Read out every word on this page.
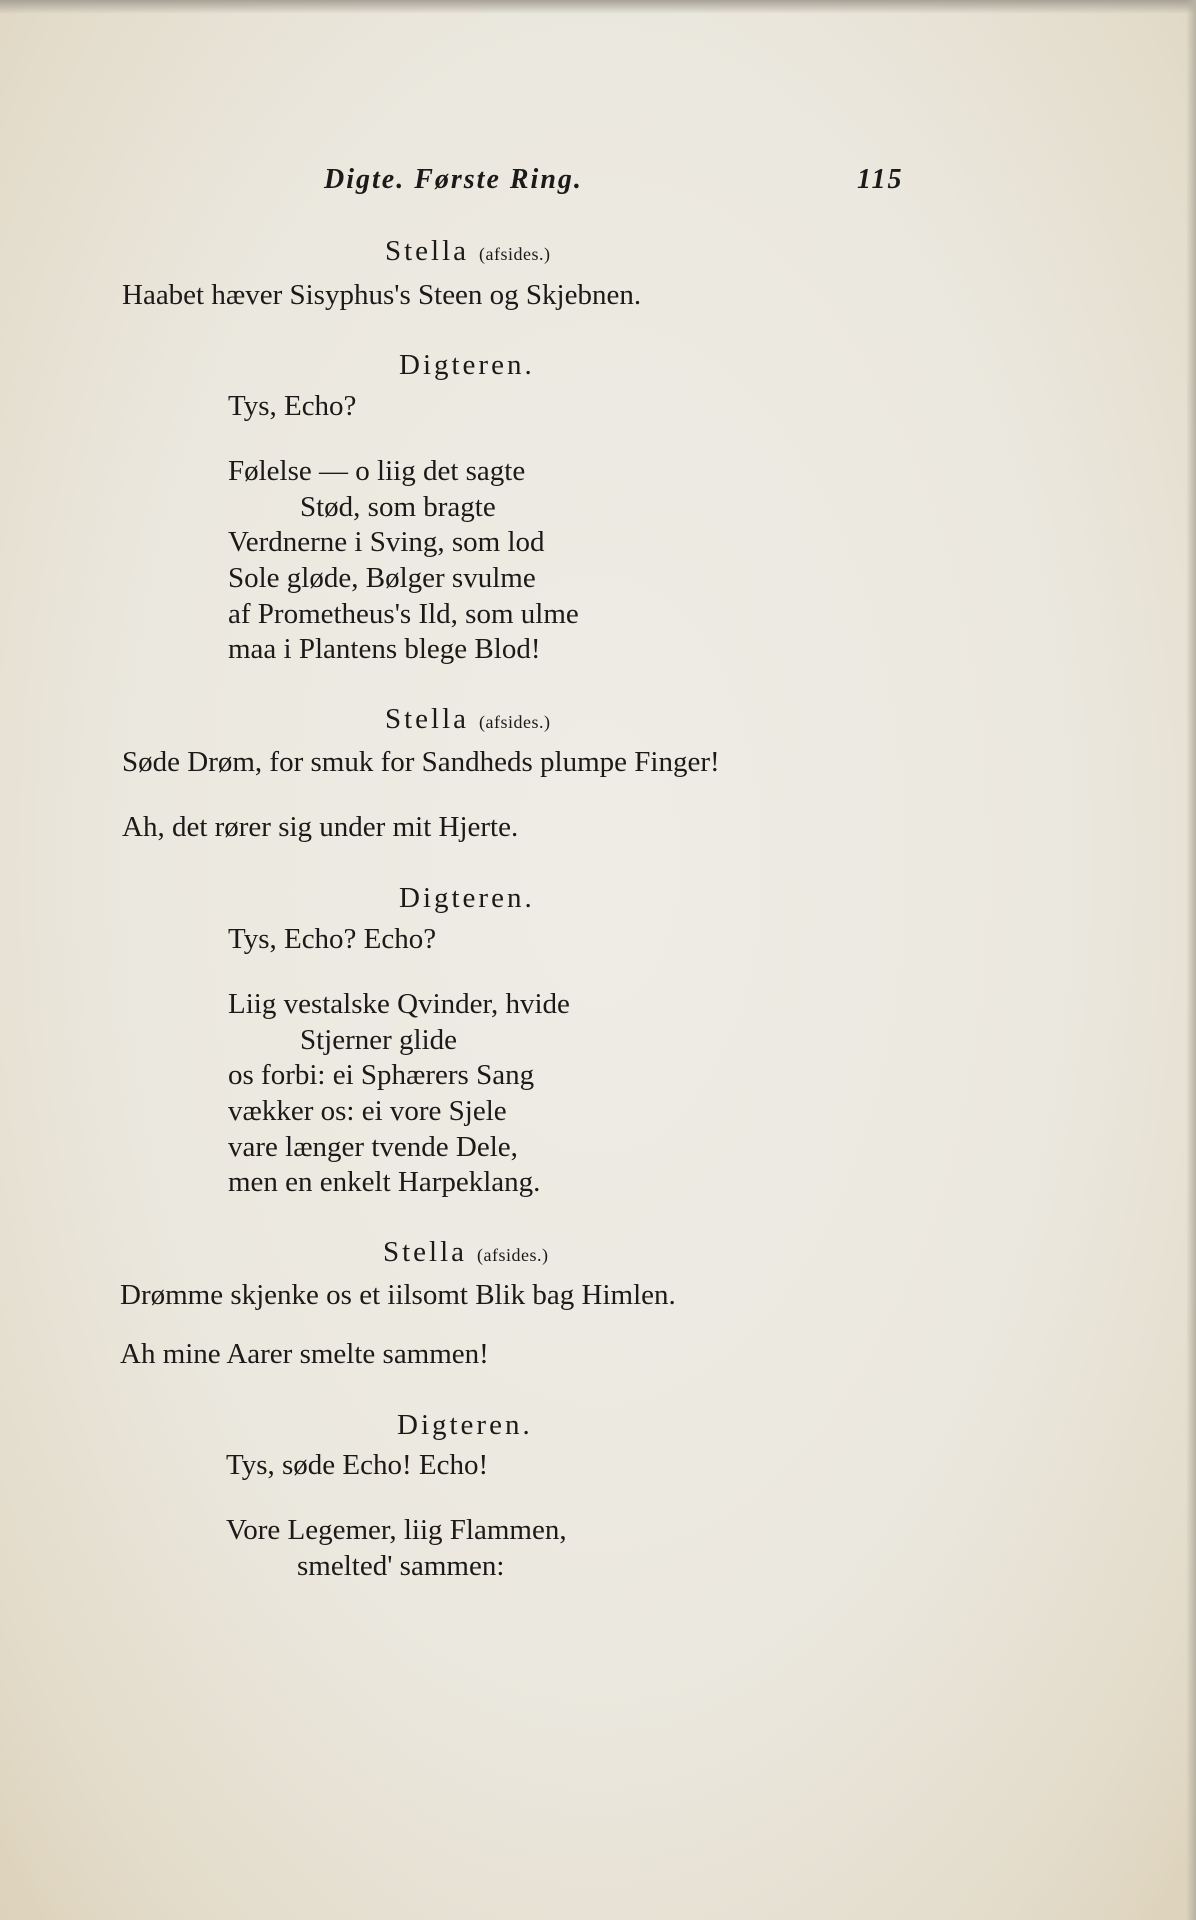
Digte. Første Ring.	115
Stella (afsides.)
Haabet hæver Sisyphus's Steen og Skjebnen.
Digteren.
Tys, Echo?
Følelse — o liig det sagte
Stød, som bragte
Verdnerne i Sving, som lod
Sole gløde, Bølger svulme
af Prometheus's Ild, som ulme
maa i Plantens blege Blod!
Stella (afsides.)
Søde Drøm, for smuk for Sandheds plumpe Finger!
Ah, det rører sig under mit Hjerte.
Digteren.
Tys, Echo? Echo?
Liig vestalske Qvinder, hvide
Stjerner glide
os forbi: ei Sphærers Sang
vækker os: ei vore Sjele
vare længer tvende Dele,
men en enkelt Harpeklang.
Stella (afsides.)
Drømme skjenke os et iilsomt Blik bag Himlen.
Ah mine Aarer smelte sammen!
Digteren.
Tys, søde Echo! Echo!
Vore Legemer, liig Flammen,
smelted' sammen:
